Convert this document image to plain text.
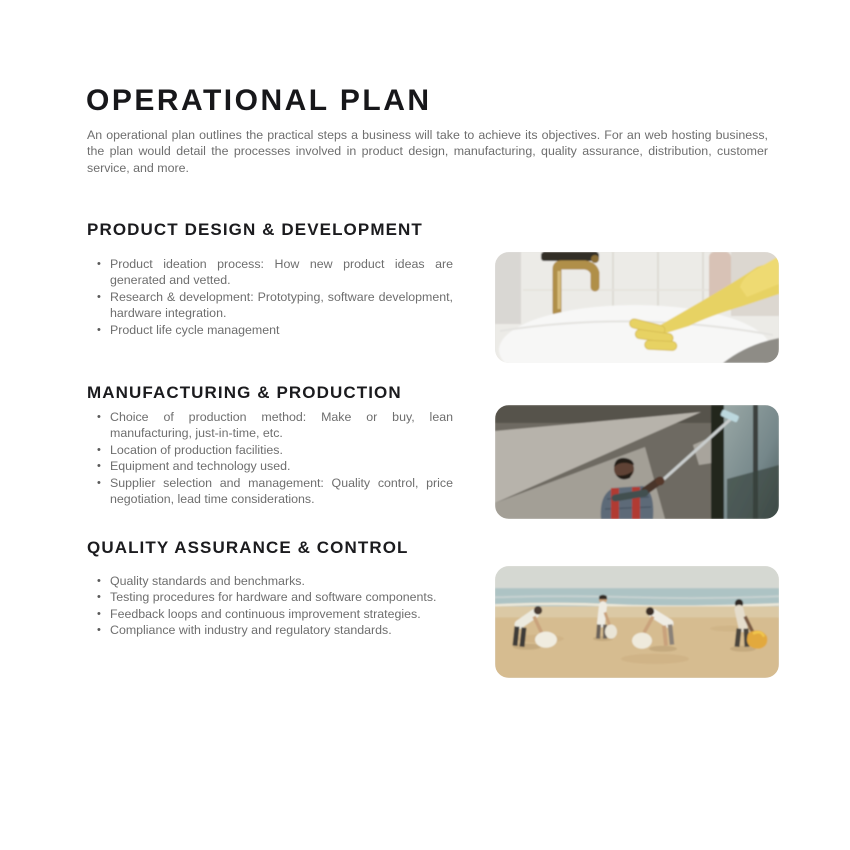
OPERATIONAL PLAN

An operational plan outlines the practical steps a business will take to achieve its objectives. For an web hosting business, the plan would detail the processes involved in product design, manufacturing, quality assurance, distribution, customer service, and more.

PRODUCT DESIGN & DEVELOPMENT
• Product ideation process: How new product ideas are generated and vetted.
• Research & development: Prototyping, software development, hardware integration.
• Product life cycle management
MANUFACTURING & PRODUCTION
• Choice of production method: Make or buy, lean manufacturing, just-in-time, etc.
• Location of production facilities.
• Equipment and technology used.
• Supplier selection and management: Quality control, price negotiation, lead time considerations.
QUALITY ASSURANCE & CONTROL
• Quality standards and benchmarks.
• Testing procedures for hardware and software components.
• Feedback loops and continuous improvement strategies.
• Compliance with industry and regulatory standards.
